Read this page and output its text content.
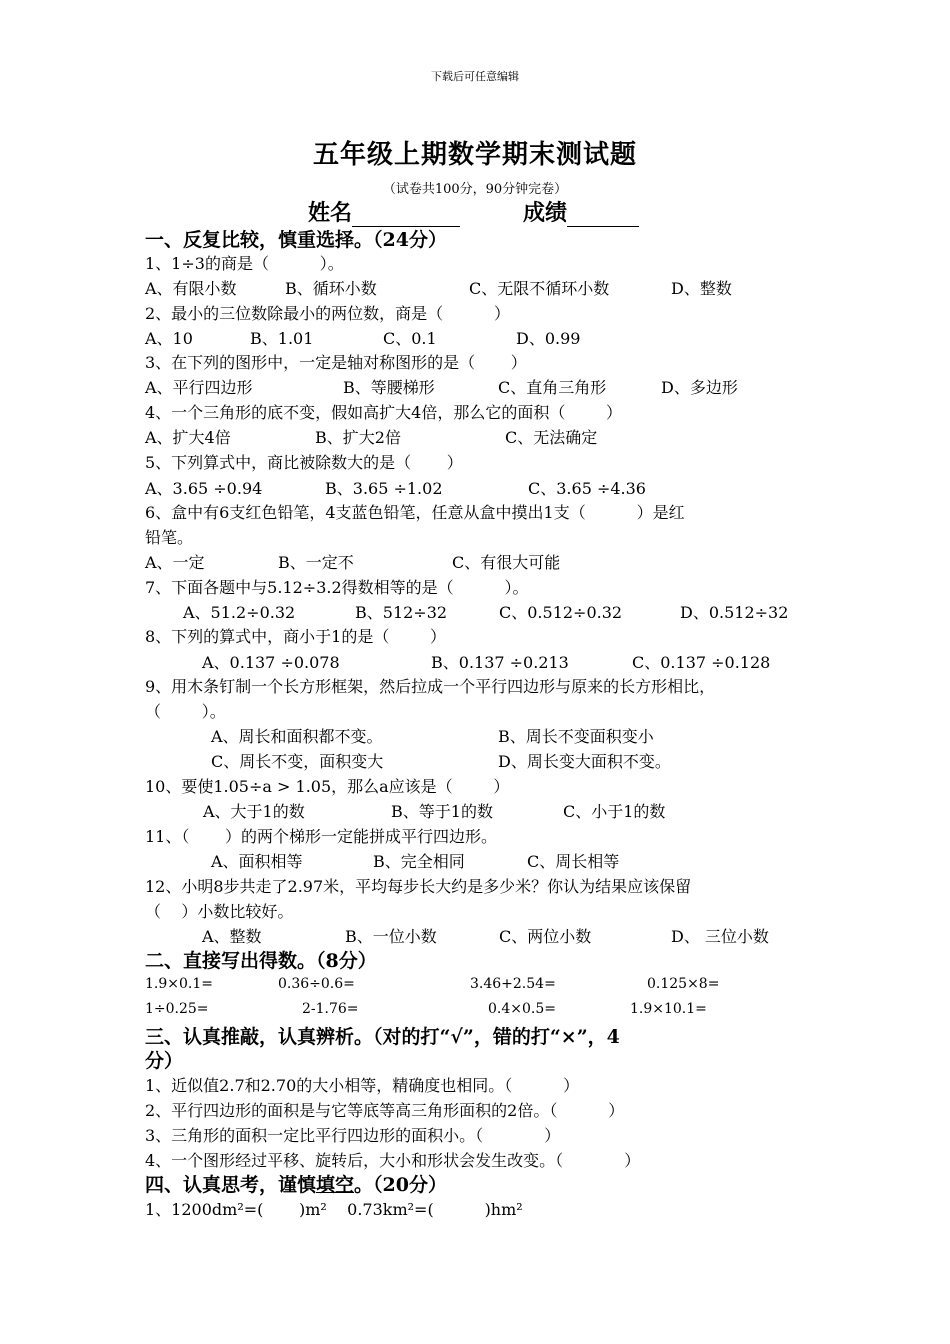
下载后可任意编辑
五年级上期数学期末测试题
（试卷共100分，90分钟完卷）
姓名	成绩
一、反复比较，慎重选择。（24分）
1、1÷3的商是（          ）。
A、有限小数	B、循环小数	C、无限不循环小数	D、整数
2、最小的三位数除最小的两位数，商是（          ）
A、10	B、1.01	C、0.1	D、0.99
3、在下列的图形中，一定是轴对称图形的是（       ）
A、平行四边形	B、等腰梯形	C、直角三角形	D、多边形
4、一个三角形的底不变，假如高扩大4倍，那么它的面积（        ）
A、扩大4倍	B、扩大2倍	C、无法确定
5、下列算式中，商比被除数大的是（       ）
A、3.65 ÷0.94	B、3.65 ÷1.02	C、3.65 ÷4.36
6、盒中有6支红色铅笔，4支蓝色铅笔，任意从盒中摸出1支（          ）是红
铅笔。
A、一定	B、一定不	C、有很大可能
7、下面各题中与5.12÷3.2得数相等的是（          ）。
A、51.2÷0.32	B、512÷32	C、0.512÷0.32	D、0.512÷32
8、下列的算式中，商小于1的是（        ）
A、0.137 ÷0.078	B、0.137 ÷0.213	C、0.137 ÷0.128
9、用木条钉制一个长方形框架，然后拉成一个平行四边形与原来的长方形相比，
（        ）。
A、周长和面积都不变。	B、周长不变面积变小
C、周长不变，面积变大	D、周长变大面积不变。
10、要使1.05÷a > 1.05，那么a应该是（        ）
A、大于1的数	B、等于1的数	C、小于1的数
11、（       ）的两个梯形一定能拼成平行四边形。
A、面积相等	B、完全相同	C、周长相等
12、小明8步共走了2.97米，平均每步长大约是多少米？你认为结果应该保留
（    ）小数比较好。
A、整数	B、一位小数	C、两位小数	D、 三位小数
二、直接写出得数。（8分）
1.9×0.1=	0.36÷0.6=	3.46+2.54=	0.125×8=
1÷0.25=	2-1.76=	0.4×0.5=	1.9×10.1=
三、认真推敲，认真辨析。（对的打“√”，错的打“×”，4
分）
1、近似值2.7和2.70的大小相等，精确度也相同。（          ）
2、平行四边形的面积是与它等底等高三角形面积的2倍。（          ）
3、三角形的面积一定比平行四边形的面积小。（            ）
4、一个图形经过平移、旋转后，大小和形状会发生改变。（            ）
四、认真思考，谨慎填空。（20分）
1、1200dm²=(       )m²    0.73km²=(          )hm²
